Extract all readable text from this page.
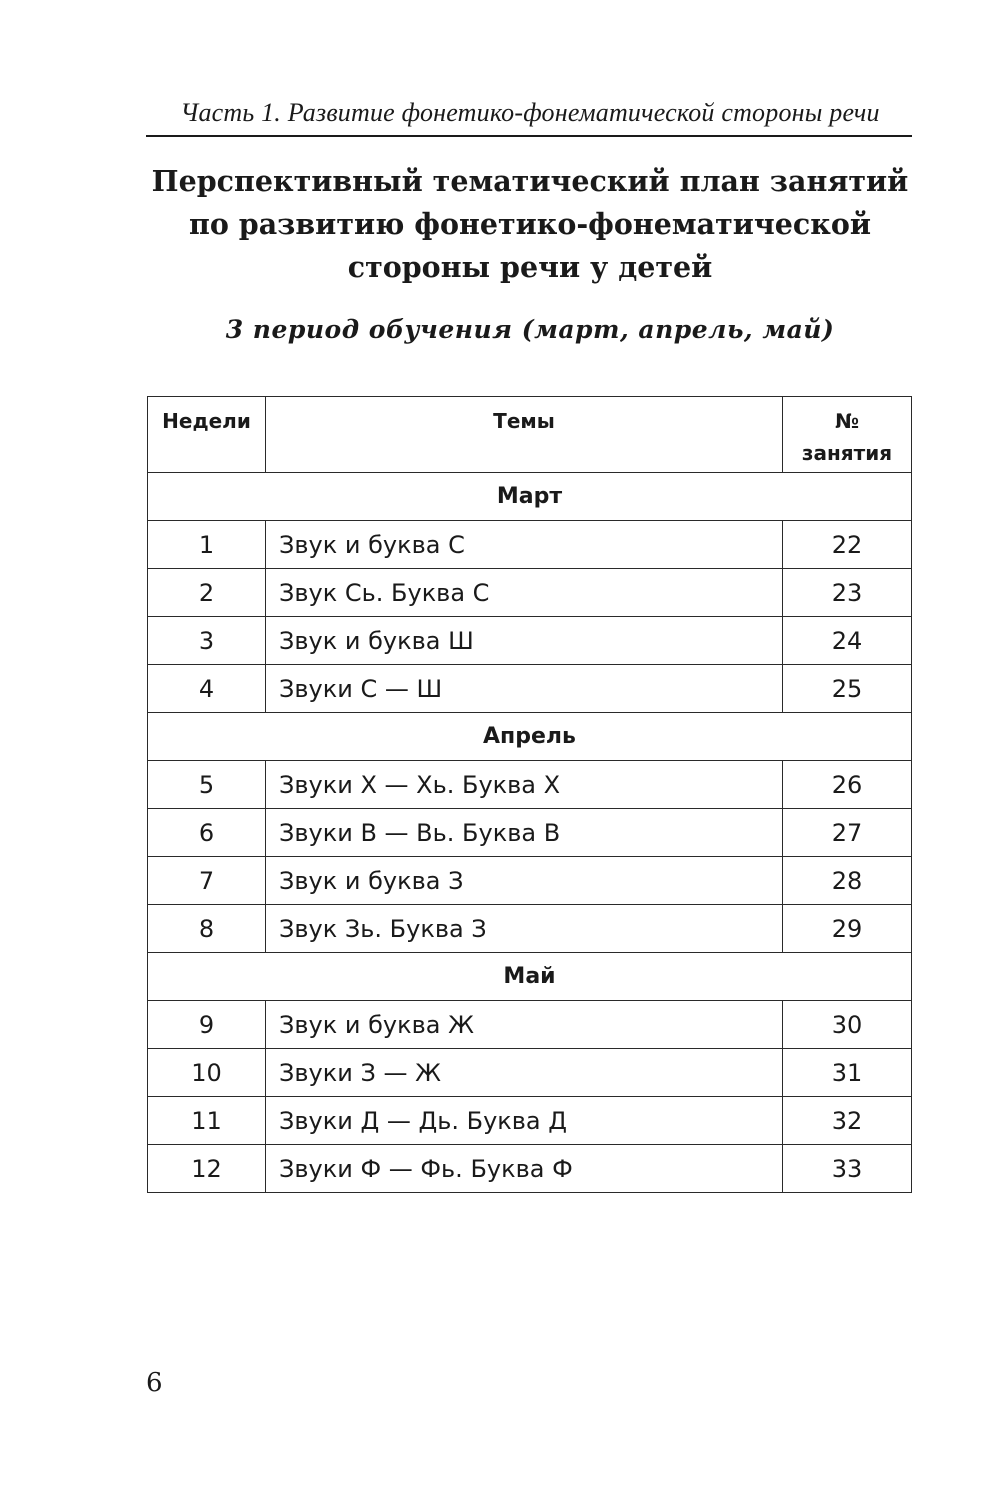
Часть 1. Развитие фонетико-фонематической стороны речи
Перспективный тематический план занятий
по развитию фонетико-фонематической
стороны речи у детей
3 период обучения (март, апрель, май)
Недели	Темы	№
занятия

Март		
1	Звук и буква С	22
2	Звук Сь. Буква С	23
3	Звук и буква Ш	24
4	Звуки С — Ш	25
Апрель		
5	Звуки Х — Хь. Буква Х	26
6	Звуки В — Вь. Буква В	27
7	Звук и буква З	28
8	Звук Зь. Буква З	29
Май		
9	Звук и буква Ж	30
10	Звуки З — Ж	31
11	Звуки Д — Дь. Буква Д	32
12	Звуки Ф — Фь. Буква Ф	33
6
